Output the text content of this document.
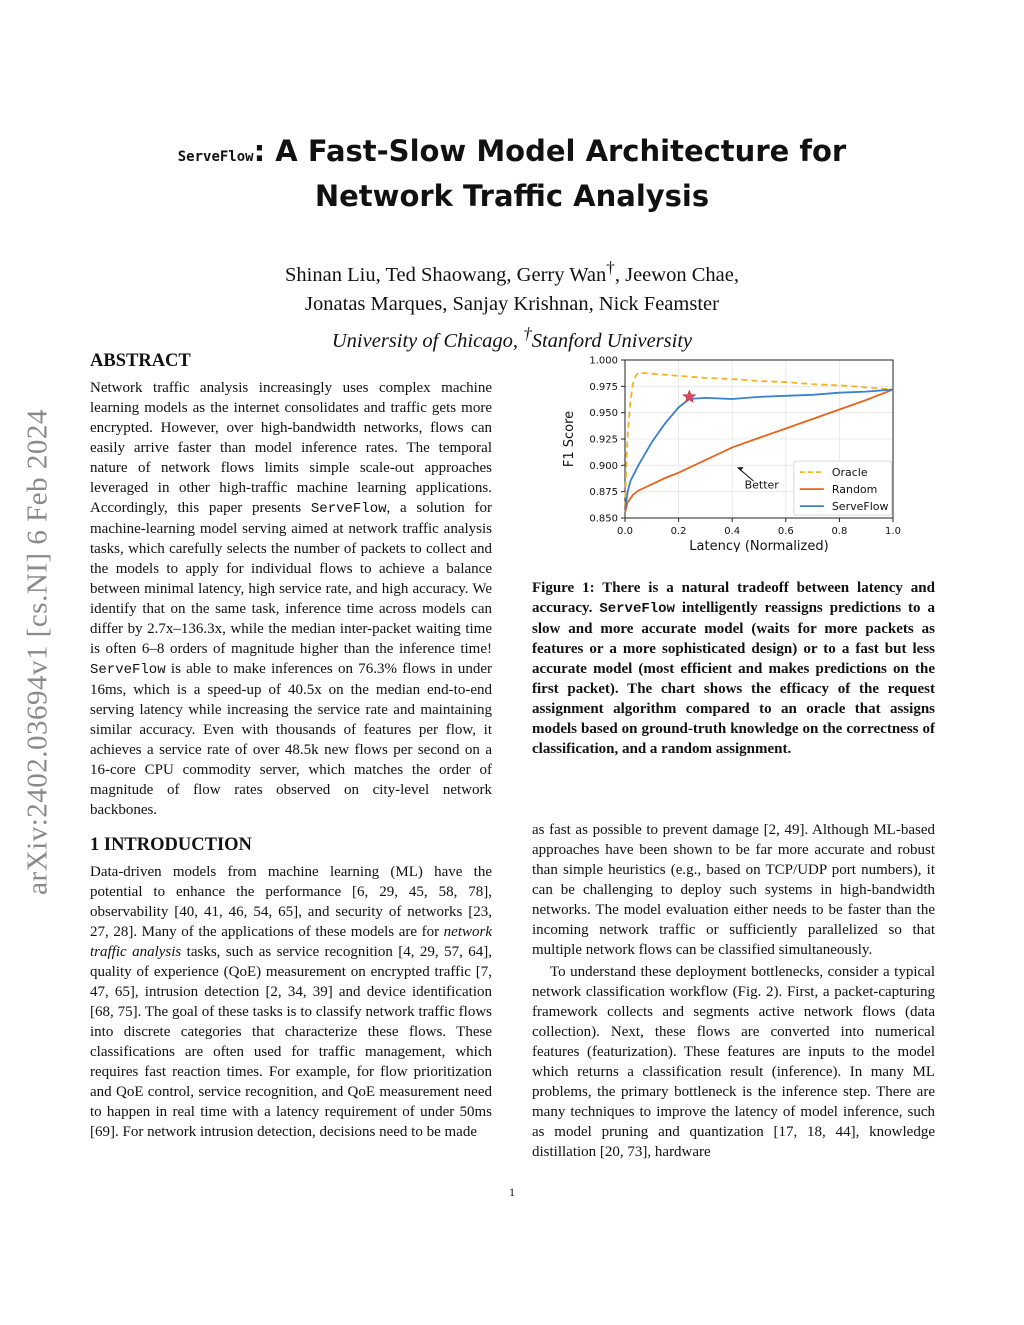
arXiv:2402.03694v1 [cs.NI] 6 Feb 2024
ServeFlow: A Fast-Slow Model Architecture for
Network Traffic Analysis
Shinan Liu, Ted Shaowang, Gerry Wan†, Jeewon Chae,
Jonatas Marques, Sanjay Krishnan, Nick Feamster
University of Chicago, †Stanford University
ABSTRACT

Network traffic analysis increasingly uses complex machine learning models as the internet consolidates and traffic gets more encrypted. However, over high-bandwidth networks, flows can easily arrive faster than model inference rates. The temporal nature of network flows limits simple scale-out approaches leveraged in other high-traffic machine learning applications. Accordingly, this paper presents ServeFlow, a solution for machine-learning model serving aimed at network traffic analysis tasks, which carefully selects the number of packets to collect and the models to apply for individual flows to achieve a balance between minimal latency, high service rate, and high accuracy. We identify that on the same task, inference time across models can differ by 2.7x–136.3x, while the median inter-packet waiting time is often 6–8 orders of magnitude higher than the inference time! ServeFlow is able to make inferences on 76.3% flows in under 16ms, which is a speed-up of 40.5x on the median end-to-end serving latency while increasing the service rate and maintaining similar accuracy. Even with thousands of features per flow, it achieves a service rate of over 48.5k new flows per second on a 16-core CPU commodity server, which matches the order of magnitude of flow rates observed on city-level network backbones.

1 INTRODUCTION

Data-driven models from machine learning (ML) have the potential to enhance the performance [6, 29, 45, 58, 78], observability [40, 41, 46, 54, 65], and security of networks [23, 27, 28]. Many of the applications of these models are for network traffic analysis tasks, such as service recognition [4, 29, 57, 64], quality of experience (QoE) measurement on encrypted traffic [7, 47, 65], intrusion detection [2, 34, 39] and device identification [68, 75]. The goal of these tasks is to classify network traffic flows into discrete categories that characterize these flows. These classifications are often used for traffic management, which requires fast reaction times. For example, for flow prioritization and QoE control, service recognition, and QoE measurement need to happen in real time with a latency requirement of under 50ms [69]. For network intrusion detection, decisions need to be made

0.850
0.875
0.900
0.925
0.950
0.975
1.000
0.0	0.2	0.4	0.6	0.8	1.0
Latency (Normalized)
F1 Score
Better
Oracle
Random
ServeFlow
Figure 1: There is a natural tradeoff between latency and accuracy. ServeFlow intelligently reassigns predictions to a slow and more accurate model (waits for more packets as features or a more sophisticated design) or to a fast but less accurate model (most efficient and makes predictions on the first packet). The chart shows the efficacy of the request assignment algorithm compared to an oracle that assigns models based on ground-truth knowledge on the correctness of classification, and a random assignment.

as fast as possible to prevent damage [2, 49]. Although ML-based approaches have been shown to be far more accurate and robust than simple heuristics (e.g., based on TCP/UDP port numbers), it can be challenging to deploy such systems in high-bandwidth networks. The model evaluation either needs to be faster than the incoming network traffic or sufficiently parallelized so that multiple network flows can be classified simultaneously.

To understand these deployment bottlenecks, consider a typical network classification workflow (Fig. 2). First, a packet-capturing framework collects and segments active network flows (data collection). Next, these flows are converted into numerical features (featurization). These features are inputs to the model which returns a classification result (inference). In many ML problems, the primary bottleneck is the inference step. There are many techniques to improve the latency of model inference, such as model pruning and quantization [17, 18, 44], knowledge distillation [20, 73], hardware

1
